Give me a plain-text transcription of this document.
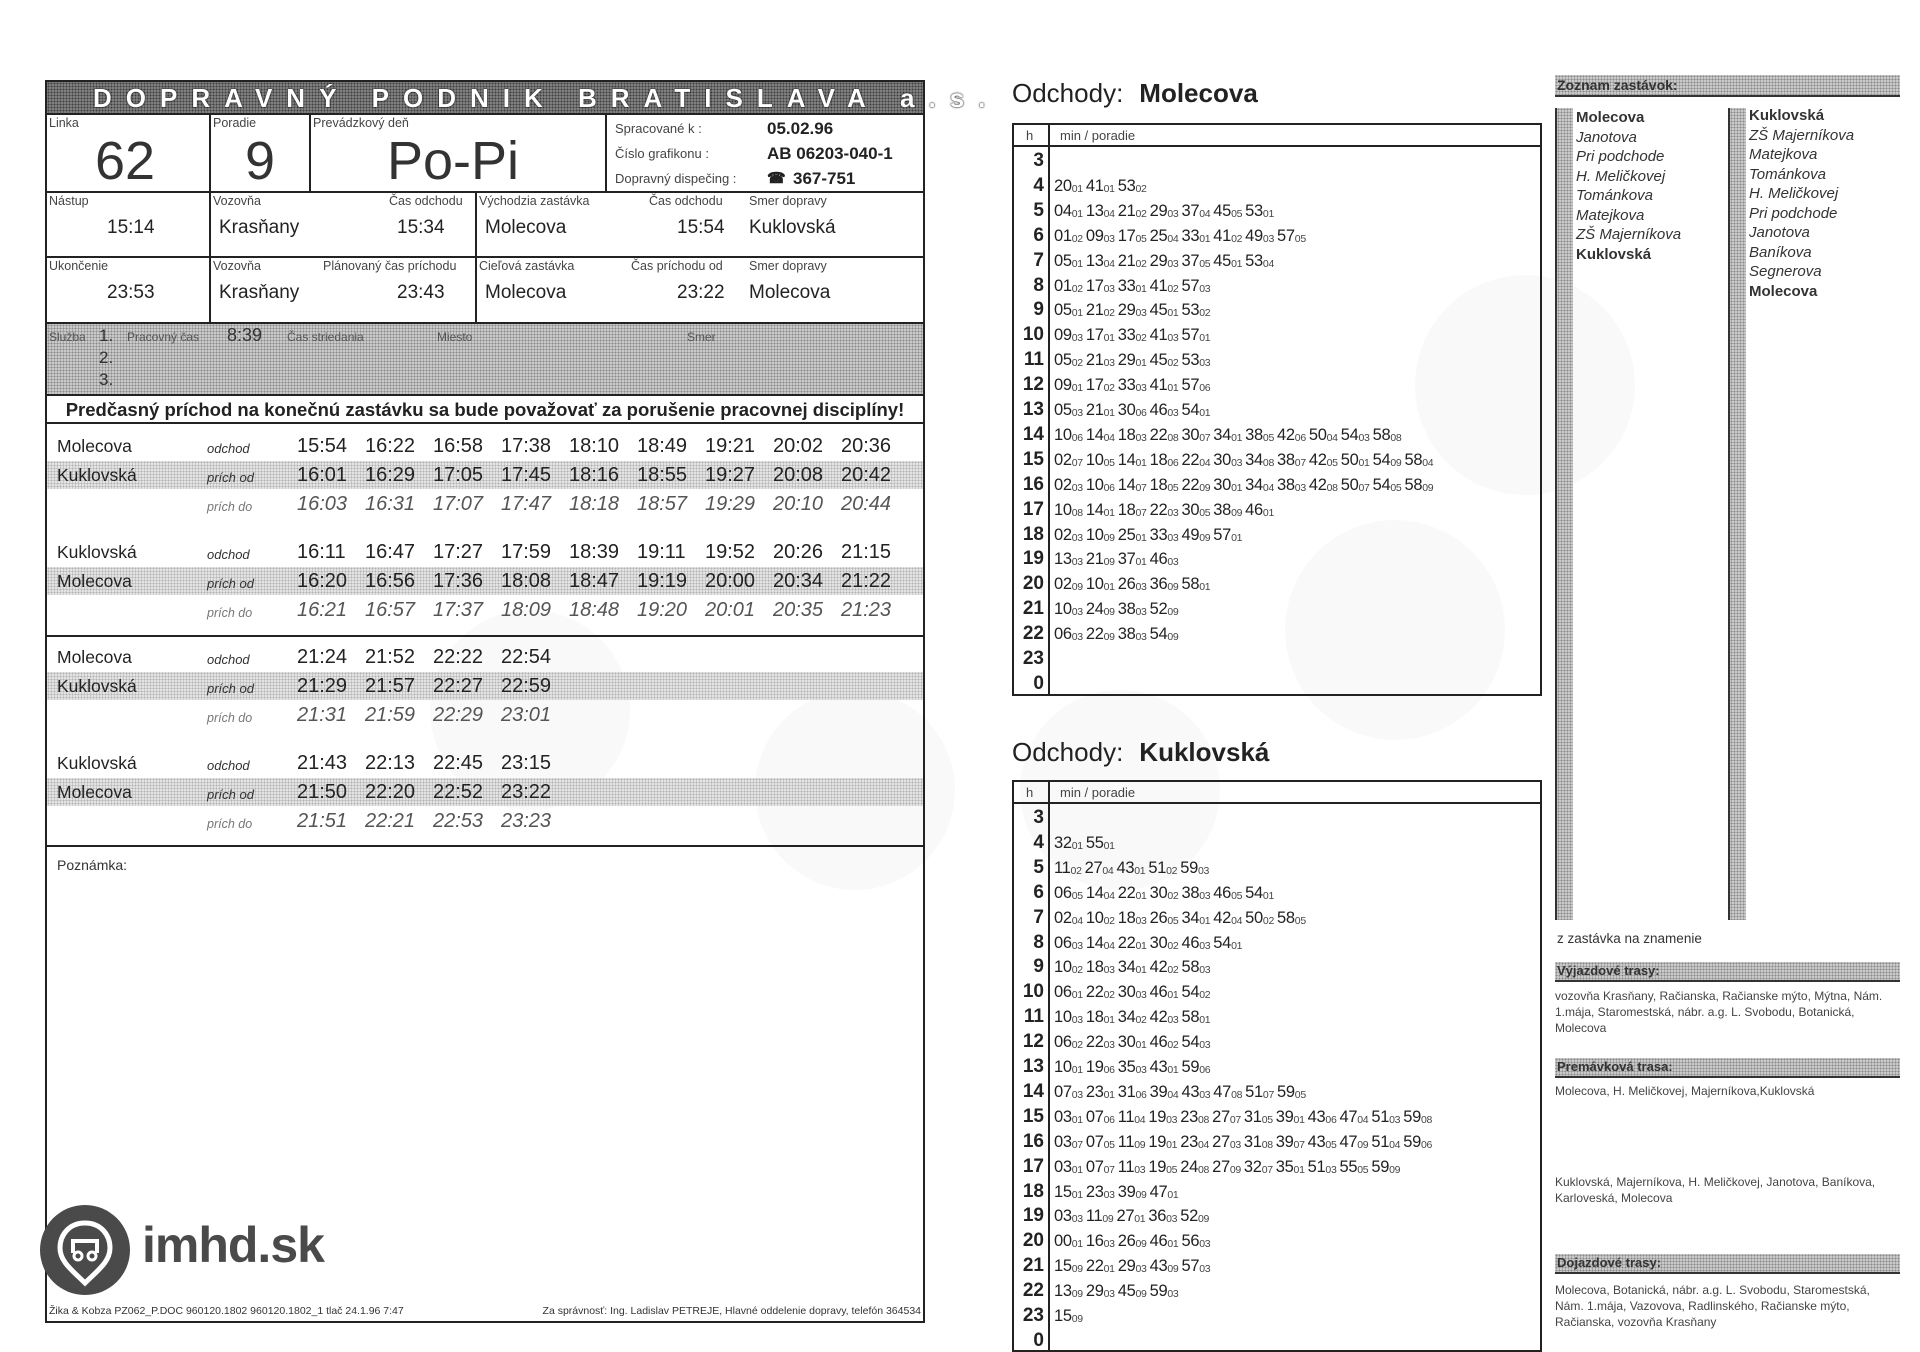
DOPRAVNÝ PODNIK BRATISLAVA a.s.
Linka
62
Poradie
9
Prevádzkový deň
Po-Pi
Spracované k :	05.02.96
Číslo grafikonu :	AB 06203-040-1
Dopravný dispečing : ☎ 367-751
Nástup
15:14
Vozovňa
Krasňany
Čas odchodu
15:34
Východzia zastávka
Molecova
Čas odchodu
15:54
Smer dopravy
Kuklovská
Ukončenie
23:53
Vozovňa
Krasňany
Plánovaný čas príchodu
23:43
Cieľová zastávka
Molecova
Čas príchodu od
23:22
Smer dopravy
Molecova
Služba 1.
2.
3.
Pracovný čas 8:39 Čas striedania	Miesto	Smer
Predčasný príchod na konečnú zastávku sa bude považovať za porušenie pracovnej disciplíny!
Molecova	odchod	15:54 16:22 16:58 17:38 18:10 18:49 19:21 20:02 20:36
Kuklovská	prích od	16:01 16:29 17:05 17:45 18:16 18:55 19:27 20:08 20:42
prích do	16:03 16:31 17:07 17:47 18:18 18:57 19:29 20:10 20:44
Kuklovská	odchod	16:11 16:47 17:27 17:59 18:39 19:11 19:52 20:26 21:15
Molecova	prích od	16:20 16:56 17:36 18:08 18:47 19:19 20:00 20:34 21:22
prích do	16:21 16:57 17:37 18:09 18:48 19:20 20:01 20:35 21:23
Molecova	odchod	21:24 21:52 22:22 22:54
Kuklovská	prích od	21:29 21:57 22:27 22:59
prích do	21:31 21:59 22:29 23:01
Kuklovská	odchod	21:43 22:13 22:45 23:15
Molecova	prích od	21:50 22:20 22:52 23:22
prích do	21:51 22:21 22:53 23:23
Poznámka:
Žika & Kobza PZ062_P.DOC 960120.1802 960120.1802_1 tlač 24.1.96 7:47	Za správnosť: Ing. Ladislav PETREJE, Hlavné oddelenie dopravy, telefón 364534
imhd.sk
Odchody: Molecova
h min / poradie
3
4 $20_{01}$ $41_{01}$ $53_{02}$
5 $04_{01}$ $13_{04}$ $21_{02}$ $29_{03}$ $37_{04}$ $45_{05}$ $53_{01}$
6 $01_{02}$ $09_{03}$ $17_{05}$ $25_{04}$ $33_{01}$ $41_{02}$ $49_{03}$ $57_{05}$
7 $05_{01}$ $13_{04}$ $21_{02}$ $29_{03}$ $37_{05}$ $45_{01}$ $53_{04}$
8 $01_{02}$ $17_{03}$ $33_{01}$ $41_{02}$ $57_{03}$
9 $05_{01}$ $21_{02}$ $29_{03}$ $45_{01}$ $53_{02}$
10 $09_{03}$ $17_{01}$ $33_{02}$ $41_{03}$ $57_{01}$
11 $05_{02}$ $21_{03}$ $29_{01}$ $45_{02}$ $53_{03}$
12 $09_{01}$ $17_{02}$ $33_{03}$ $41_{01}$ $57_{06}$
13 $05_{03}$ $21_{01}$ $30_{06}$ $46_{03}$ $54_{01}$
14 $10_{06}$ $14_{04}$ $18_{03}$ $22_{08}$ $30_{07}$ $34_{01}$ $38_{05}$ $42_{06}$ $50_{04}$ $54_{03}$ $58_{08}$
15 $02_{07}$ $10_{05}$ $14_{01}$ $18_{06}$ $22_{04}$ $30_{03}$ $34_{08}$ $38_{07}$ $42_{05}$ $50_{01}$ $54_{09}$ $58_{04}$
16 $02_{03}$ $10_{06}$ $14_{07}$ $18_{05}$ $22_{09}$ $30_{01}$ $34_{04}$ $38_{03}$ $42_{08}$ $50_{07}$ $54_{05}$ $58_{09}$
17 $10_{08}$ $14_{01}$ $18_{07}$ $22_{03}$ $30_{05}$ $38_{09}$ $46_{01}$
18 $02_{03}$ $10_{09}$ $25_{01}$ $33_{03}$ $49_{09}$ $57_{01}$
19 $13_{03}$ $21_{09}$ $37_{01}$ $46_{03}$
20 $02_{09}$ $10_{01}$ $26_{03}$ $36_{09}$ $58_{01}$
21 $10_{03}$ $24_{09}$ $38_{03}$ $52_{09}$
22 $06_{03}$ $22_{09}$ $38_{03}$ $54_{09}$
23
0
Odchody: Kuklovská
h min / poradie
3
4 $32_{01}$ $55_{01}$
5 $11_{02}$ $27_{04}$ $43_{01}$ $51_{02}$ $59_{03}$
6 $06_{05}$ $14_{04}$ $22_{01}$ $30_{02}$ $38_{03}$ $46_{05}$ $54_{01}$
7 $02_{04}$ $10_{02}$ $18_{03}$ $26_{05}$ $34_{01}$ $42_{04}$ $50_{02}$ $58_{05}$
8 $06_{03}$ $14_{04}$ $22_{01}$ $30_{02}$ $46_{03}$ $54_{01}$
9 $10_{02}$ $18_{03}$ $34_{01}$ $42_{02}$ $58_{03}$
10 $06_{01}$ $22_{02}$ $30_{03}$ $46_{01}$ $54_{02}$
11 $10_{03}$ $18_{01}$ $34_{02}$ $42_{03}$ $58_{01}$
12 $06_{02}$ $22_{03}$ $30_{01}$ $46_{02}$ $54_{03}$
13 $10_{01}$ $19_{06}$ $35_{03}$ $43_{01}$ $59_{06}$
14 $07_{03}$ $23_{01}$ $31_{06}$ $39_{04}$ $43_{03}$ $47_{08}$ $51_{07}$ $59_{05}$
15 $03_{01}$ $07_{06}$ $11_{04}$ $19_{03}$ $23_{08}$ $27_{07}$ $31_{05}$ $39_{01}$ $43_{06}$ $47_{04}$ $51_{03}$ $59_{08}$
16 $03_{07}$ $07_{05}$ $11_{09}$ $19_{01}$ $23_{04}$ $27_{03}$ $31_{08}$ $39_{07}$ $43_{05}$ $47_{09}$ $51_{04}$ $59_{06}$
17 $03_{01}$ $07_{07}$ $11_{03}$ $19_{05}$ $24_{08}$ $27_{09}$ $32_{07}$ $35_{01}$ $51_{03}$ $55_{05}$ $59_{09}$
18 $15_{01}$ $23_{03}$ $39_{09}$ $47_{01}$
19 $03_{03}$ $11_{09}$ $27_{01}$ $36_{03}$ $52_{09}$
20 $00_{01}$ $16_{03}$ $26_{09}$ $46_{01}$ $56_{03}$
21 $15_{09}$ $22_{01}$ $29_{03}$ $43_{09}$ $57_{03}$
22 $13_{09}$ $29_{03}$ $45_{09}$ $59_{03}$
23 $15_{09}$
0
Zoznam zastávok:
Molecova
Janotova
Pri podchode
H. Meličkovej
Tománkova
Matejkova
ZŠ Majerníkova
Kuklovská
Kuklovská
ZŠ Majerníkova
Matejkova
Tománkova
H. Meličkovej
Pri podchode
Janotova
Baníkova
Segnerova
Molecova
z zastávka na znamenie
Výjazdové trasy:
vozovňa Krasňany, Račianska, Račianske mýto, Mýtna, Nám. 1.mája, Staromestská, nábr. a.g. L. Svobodu, Botanická, Molecova
Premávková trasa:
Molecova, H. Meličkovej, Majerníkova,Kuklovská
Kuklovská, Majerníkova, H. Meličkovej, Janotova, Baníkova, Karloveská, Molecova
Dojazdové trasy:
Molecova, Botanická, nábr. a.g. L. Svobodu, Staromestská, Nám. 1.mája, Vazovova, Radlinského, Račianske mýto, Račianska, vozovňa Krasňany
